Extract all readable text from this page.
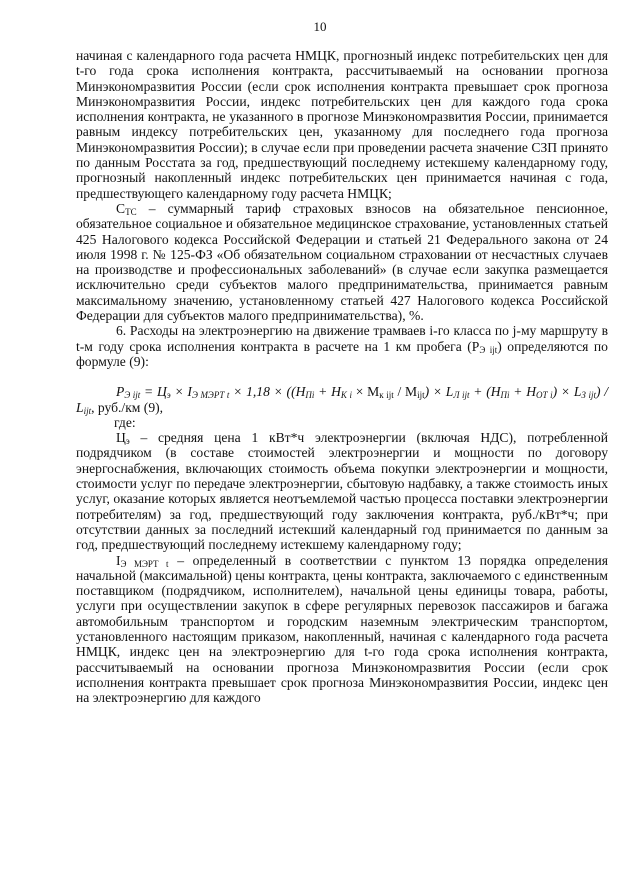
10

начиная с календарного года расчета НМЦК, прогнозный индекс потребительских цен для t-го года срока исполнения контракта, рассчитываемый на основании прогноза Минэкономразвития России (если срок исполнения контракта превышает срок прогноза Минэкономразвития России, индекс потребительских цен для каждого года срока исполнения контракта, не указанного в прогнозе Минэкономразвития России, принимается равным индексу потребительских цен, указанному для последнего года прогноза Минэкономразвития России); в случае если при проведении расчета значение СЗП принято по данным Росстата за год, предшествующий последнему истекшему календарному году, прогнозный накопленный индекс потребительских цен принимается начиная с года, предшествующего календарному году расчета НМЦК;

$С_{ТС}$ – суммарный тариф страховых взносов на обязательное пенсионное, обязательное социальное и обязательное медицинское страхование, установленных статьей 425 Налогового кодекса Российской Федерации и статьей 21 Федерального закона от 24 июля 1998 г. № 125-ФЗ «Об обязательном социальном страховании от несчастных случаев на производстве и профессиональных заболеваний» (в случае если закупка размещается исключительно среди субъектов малого предпринимательства, принимается равным максимальному значению, установленному статьей 427 Налогового кодекса Российской Федерации для субъектов малого предпринимательства), %.

6. Расходы на электроэнергию на движение трамваев i-го класса по j-му маршруту в t-м году срока исполнения контракта в расчете на 1 км пробега $(Р_{Э ijt})$ определяются по формуле (9):

$Р_{Э ijt} = Ц_э \times I_{Э МЭРТ t} \times 1,18 \times ((Н_{Пi} + Н_{К i} \times М_{к ijt} / М_{ijt}) \times L_{Л ijt} + (Н_{Пi} + Н_{ОТ i}) \times L_{З ijt}) / L_{ijt}$, руб./км (9),

где:

$Ц_э$ – средняя цена 1 кВт*ч электроэнергии (включая НДС), потребленной подрядчиком (в составе стоимостей электроэнергии и мощности по договору энергоснабжения, включающих стоимость объема покупки электроэнергии и мощности, стоимости услуг по передаче электроэнергии, сбытовую надбавку, а также стоимость иных услуг, оказание которых является неотъемлемой частью процесса поставки электроэнергии потребителям) за год, предшествующий году заключения контракта, руб./кВт*ч; при отсутствии данных за последний истекший календарный год принимается по данным за год, предшествующий последнему истекшему календарному году;

$I_{Э МЭРТ t}$ – определенный в соответствии с пунктом 13 порядка определения начальной (максимальной) цены контракта, цены контракта, заключаемого с единственным поставщиком (подрядчиком, исполнителем), начальной цены единицы товара, работы, услуги при осуществлении закупок в сфере регулярных перевозок пассажиров и багажа автомобильным транспортом и городским наземным электрическим транспортом, установленного настоящим приказом, накопленный, начиная с календарного года расчета НМЦК, индекс цен на электроэнергию для t-го года срока исполнения контракта, рассчитываемый на основании прогноза Минэкономразвития России (если срок исполнения контракта превышает срок прогноза Минэкономразвития России, индекс цен на электроэнергию для каждого
